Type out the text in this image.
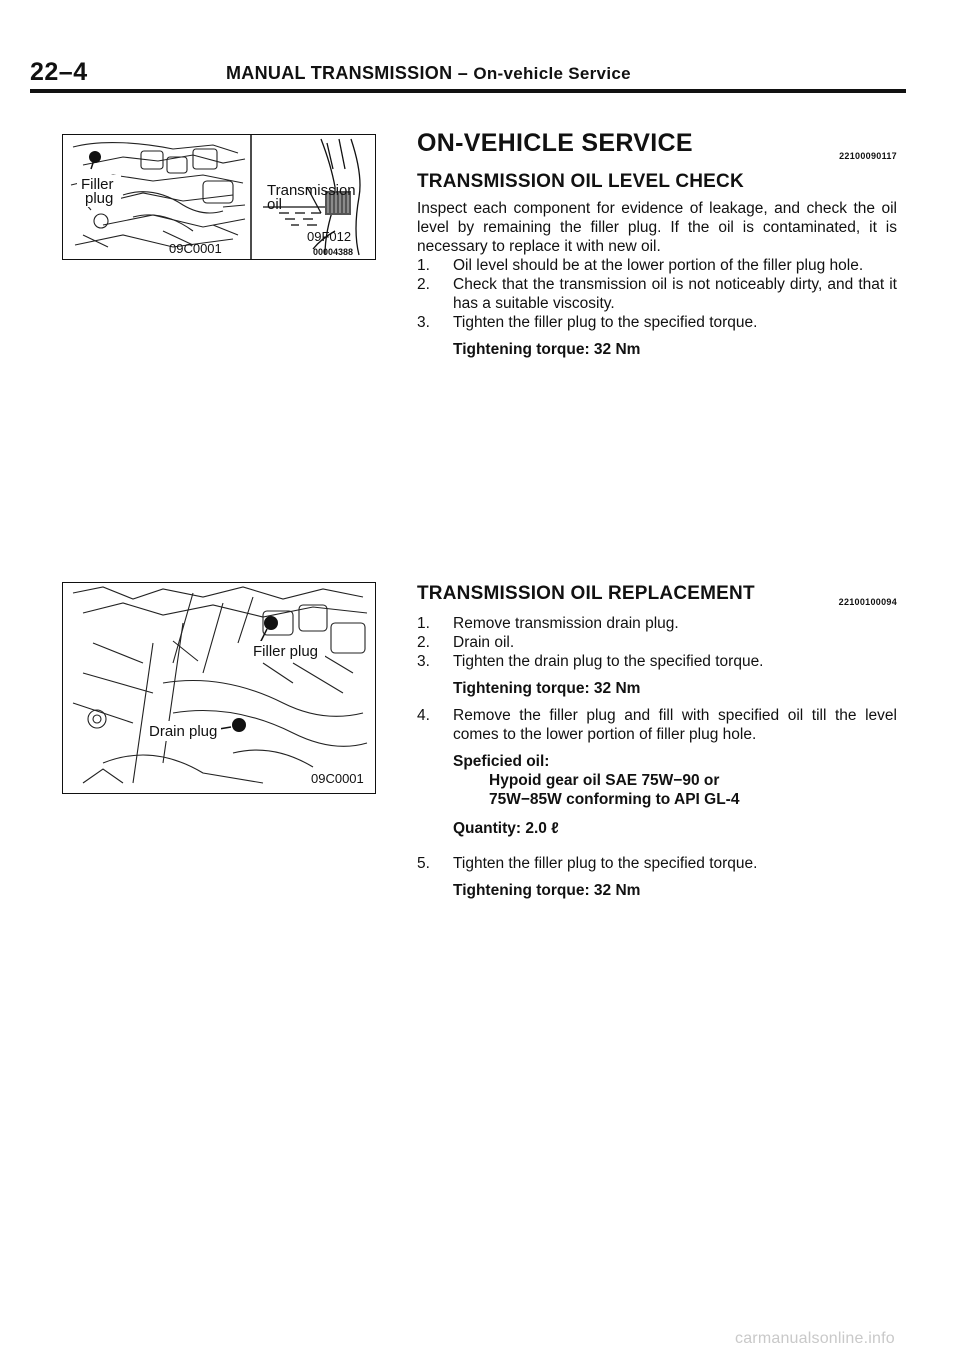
22–4	MANUAL TRANSMISSION – On-vehicle Service
Filler
plug
09C0001
Transmission
oil
09F012
00004388
Filler plug
Drain plug
09C0001
ON-VEHICLE SERVICE	22100090117
TRANSMISSION OIL LEVEL CHECK
Inspect each component for evidence of leakage, and check the oil level by remaining the filler plug. If the oil is contaminated, it is necessary to replace it with new oil.
1. Oil level should be at the lower portion of the filler plug hole.
2. Check that the transmission oil is not noticeably dirty, and that it has a suitable viscosity.
3. Tighten the filler plug to the specified torque.
Tightening torque: 32 Nm
TRANSMISSION OIL REPLACEMENT	22100100094
1. Remove transmission drain plug.
2. Drain oil.
3. Tighten the drain plug to the specified torque.
Tightening torque: 32 Nm
4. Remove the filler plug and fill with specified oil till the level comes to the lower portion of filler plug hole.
Speficied oil:
Hypoid gear oil SAE 75W−90 or
75W−85W conforming to API GL-4
Quantity: 2.0 ℓ
5. Tighten the filler plug to the specified torque.
Tightening torque: 32 Nm
carmanualsonline.info
